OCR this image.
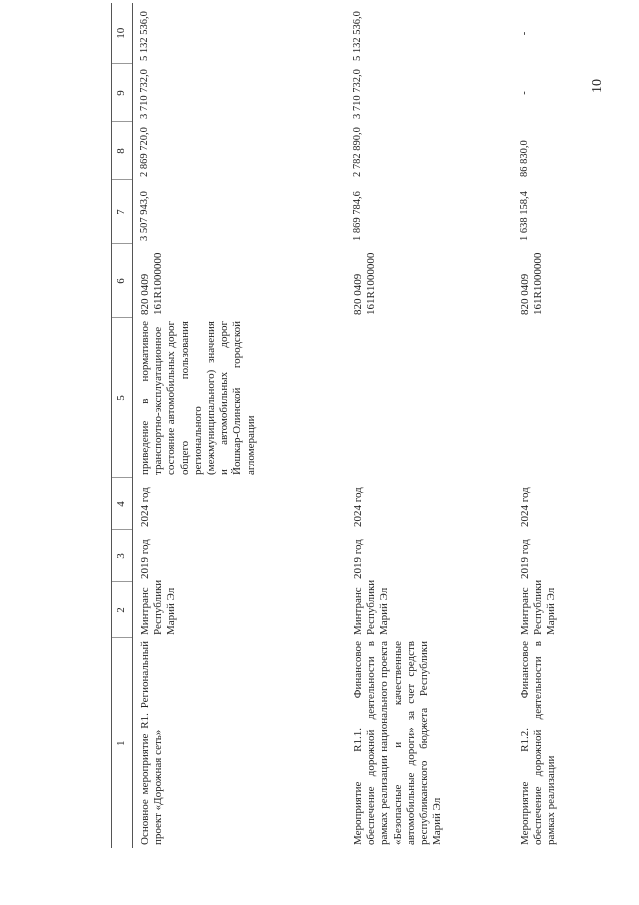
10
1	2	3	4	5	6	7	8	9	10
Основное мероприятие R1. Региональный проект «Дорожная сеть»	Минтранс Республики Марий Эл	2019 год	2024 год	приведение в нормативное транспортно-эксплуатационное состояние автомобильных дорог общего пользования регионального (межмуниципального) значения и автомобильных дорог Йошкар-Олинской городской агломерации	820 0409 161R1000000	3 507 943,0	2 869 720,0	3 710 732,0	5 132 536,0
Мероприятие R1.1. Финансовое обеспечение дорожной деятельности в рамках реализации национального проекта «Безопасные и качественные автомобильные дороги» за счет средств республиканского бюджета Республики Марий Эл	Минтранс Республики Марий Эл	2019 год	2024 год		820 0409 161R1000000	1 869 784,6	2 782 890,0	3 710 732,0	5 132 536,0
Мероприятие R1.2. Финансовое обеспечение дорожной деятельности в рамках реализации	Минтранс Республики Марий Эл	2019 год	2024 год		820 0409 161R1000000	1 638 158,4	86 830,0	-	-
